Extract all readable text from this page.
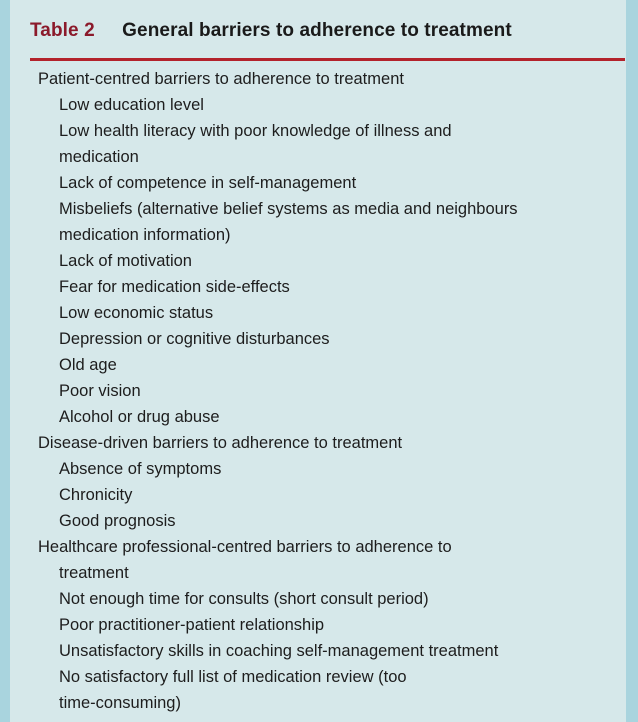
Table 2 General barriers to adherence to treatment
Patient-centred barriers to adherence to treatment
Low education level
Low health literacy with poor knowledge of illness and
medication
Lack of competence in self-management
Misbeliefs (alternative belief systems as media and neighbours
medication information)
Lack of motivation
Fear for medication side-effects
Low economic status
Depression or cognitive disturbances
Old age
Poor vision
Alcohol or drug abuse
Disease-driven barriers to adherence to treatment
Absence of symptoms
Chronicity
Good prognosis
Healthcare professional-centred barriers to adherence to
treatment
Not enough time for consults (short consult period)
Poor practitioner-patient relationship
Unsatisfactory skills in coaching self-management treatment
No satisfactory full list of medication review (too
time-consuming)
